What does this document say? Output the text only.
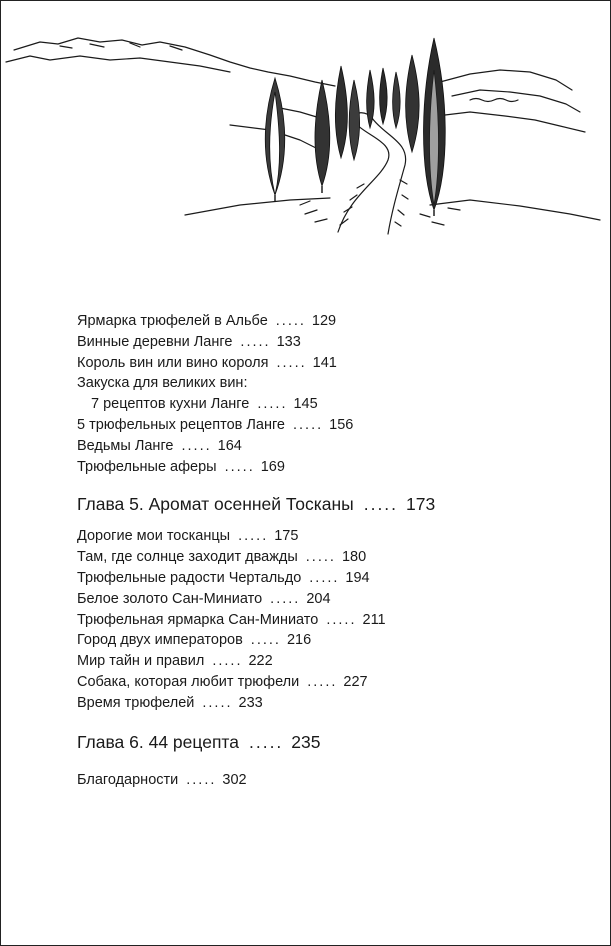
Ярмарка трюфелей в Альбе ..... 129
Винные деревни Ланге ..... 133
Король вин или вино короля ..... 141
Закуска для великих вин:
7 рецептов кухни Ланге ..... 145
5 трюфельных рецептов Ланге ..... 156
Ведьмы Ланге ..... 164
Трюфельные аферы ..... 169
Глава 5. Аромат осенней Тосканы ..... 173
Дорогие мои тосканцы ..... 175
Там, где солнце заходит дважды ..... 180
Трюфельные радости Чертальдо ..... 194
Белое золото Сан-Миниато ..... 204
Трюфельная ярмарка Сан-Миниато ..... 211
Город двух императоров ..... 216
Мир тайн и правил ..... 222
Собака, которая любит трюфели ..... 227
Время трюфелей ..... 233
Глава 6. 44 рецепта ..... 235
Благодарности ..... 302
